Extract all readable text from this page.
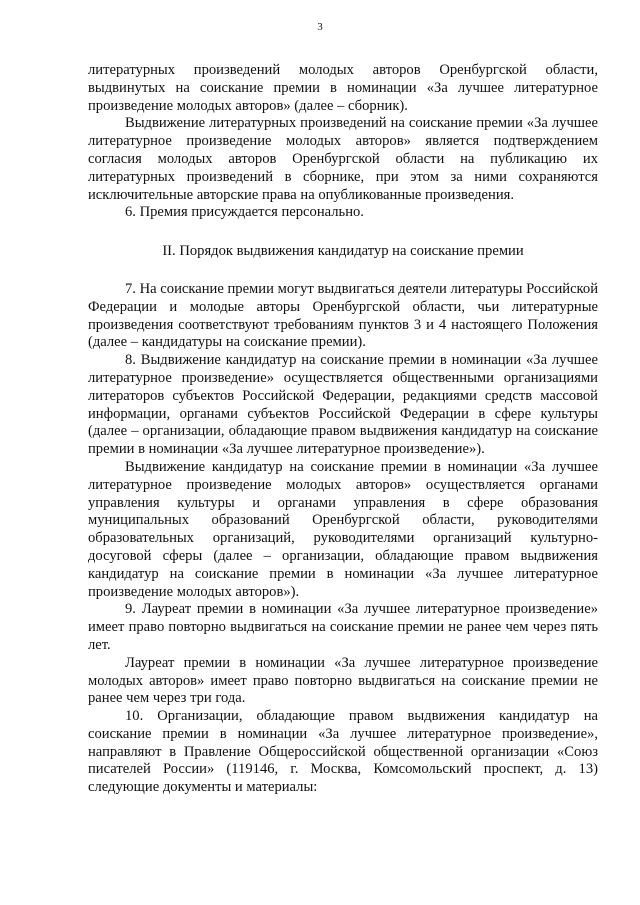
3

литературных произведений молодых авторов Оренбургской области, выдвинутых на соискание премии в номинации «За лучшее литературное произведение молодых авторов» (далее – сборник).

Выдвижение литературных произведений на соискание премии «За лучшее литературное произведение молодых авторов» является подтверждением согласия молодых авторов Оренбургской области на публикацию их литературных произведений в сборнике, при этом за ними сохраняются исключительные авторские права на опубликованные произведения.

6. Премия присуждается персонально.

II. Порядок выдвижения кандидатур на соискание премии

7. На соискание премии могут выдвигаться деятели литературы Российской Федерации и молодые авторы Оренбургской области, чьи литературные произведения соответствуют требованиям пунктов 3 и 4 настоящего Положения (далее – кандидатуры на соискание премии).

8. Выдвижение кандидатур на соискание премии в номинации «За лучшее литературное произведение» осуществляется общественными организациями литераторов субъектов Российской Федерации, редакциями средств массовой информации, органами субъектов Российской Федерации в сфере культуры (далее – организации, обладающие правом выдвижения кандидатур на соискание премии в номинации «За лучшее литературное произведение»).

Выдвижение кандидатур на соискание премии в номинации «За лучшее литературное произведение молодых авторов» осуществляется органами управления культуры и органами управления в сфере образования муниципальных образований Оренбургской области, руководителями образовательных организаций, руководителями организаций культурно-досуговой сферы (далее – организации, обладающие правом выдвижения кандидатур на соискание премии в номинации «За лучшее литературное произведение молодых авторов»).

9. Лауреат премии в номинации «За лучшее литературное произведение» имеет право повторно выдвигаться на соискание премии не ранее чем через пять лет.

Лауреат премии в номинации «За лучшее литературное произведение молодых авторов» имеет право повторно выдвигаться на соискание премии не ранее чем через три года.

10. Организации, обладающие правом выдвижения кандидатур на соискание премии в номинации «За лучшее литературное произведение», направляют в Правление Общероссийской общественной организации «Союз писателей России» (119146, г. Москва, Комсомольский проспект, д. 13) следующие документы и материалы:
